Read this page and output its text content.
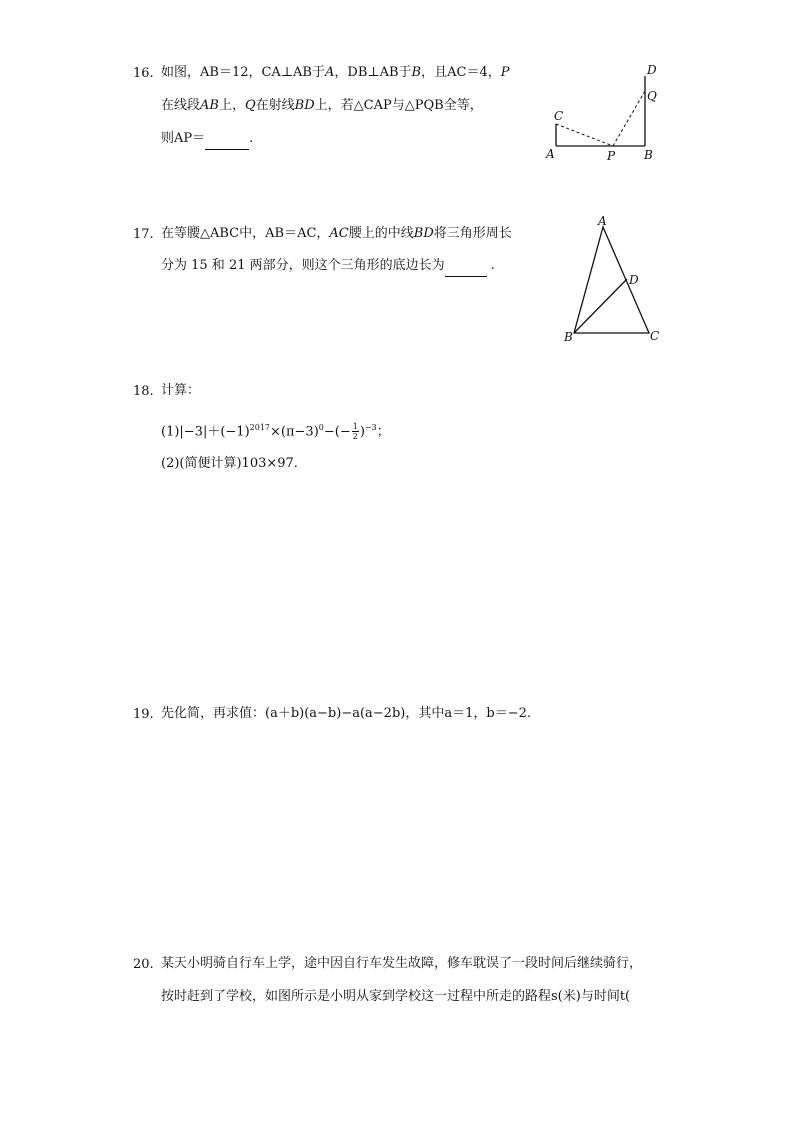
16. 如图，AB＝12，CA⊥AB于A，DB⊥AB于B，且AC＝4，P
在线段AB上，Q在射线BD上，若△CAP与△PQB全等，
则AP＝	.
D
Q
C
A	P B
17. 在等腰△ABC中，AB＝AC，AC腰上的中线BD将三角形周长
分为 15 和 21 两部分，则这个三角形的底边长为	.
A
D
B	C
18. 计算：
$(1)|-3|+(-1)^{2017}\times(\pi-3)^0-(- \frac{1}{2} )^{-3}$；
(2)(简便计算)103×97.
19. 先化简，再求值：(a＋b)(a−b)−a(a−2b)，其中a＝1，b＝−2.
20. 某天小明骑自行车上学，途中因自行车发生故障，修车耽误了一段时间后继续骑行，
按时赶到了学校，如图所示是小明从家到学校这一过程中所走的路程s(米)与时间t(
